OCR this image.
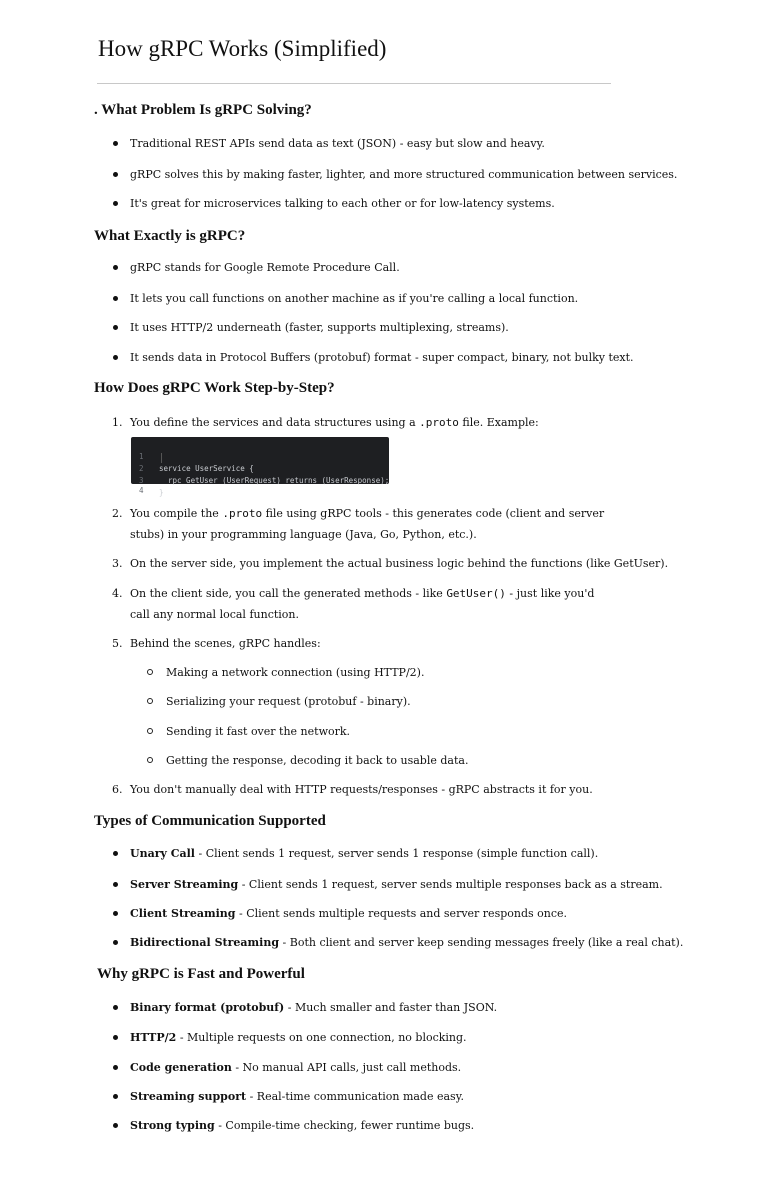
How gRPC Works (Simplified)
. What Problem Is gRPC Solving?
Traditional REST APIs send data as text (JSON) - easy but slow and heavy.
gRPC solves this by making faster, lighter, and more structured communication between services.
It's great for microservices talking to each other or for low-latency systems.
What Exactly is gRPC?
gRPC stands for Google Remote Procedure Call.
It lets you call functions on another machine as if you're calling a local function.
It uses HTTP/2 underneath (faster, supports multiplexing, streams).
It sends data in Protocol Buffers (protobuf) format - super compact, binary, not bulky text.
How Does gRPC Work Step-by-Step?
1. You define the services and data structures using a .proto file. Example:

1

service UserService {

2

rpc GetUser (UserRequest) returns (UserResponse);

3

}

4

2. You compile the .proto file using gRPC tools - this generates code (client and server stubs) in your programming language (Java, Go, Python, etc.).
3. On the server side, you implement the actual business logic behind the functions (like GetUser).
4. On the client side, you call the generated methods - like GetUser() - just like you'd call any normal local function.
5. Behind the scenes, gRPC handles:
Making a network connection (using HTTP/2).
Serializing your request (protobuf - binary).
Sending it fast over the network.
Getting the response, decoding it back to usable data.
6. You don't manually deal with HTTP requests/responses - gRPC abstracts it for you.
Types of Communication Supported
Unary Call - Client sends 1 request, server sends 1 response (simple function call).
Server Streaming - Client sends 1 request, server sends multiple responses back as a stream.
Client Streaming - Client sends multiple requests and server responds once.
Bidirectional Streaming - Both client and server keep sending messages freely (like a real chat).
Why gRPC is Fast and Powerful
Binary format (protobuf) - Much smaller and faster than JSON.
HTTP/2 - Multiple requests on one connection, no blocking.
Code generation - No manual API calls, just call methods.
Streaming support - Real-time communication made easy.
Strong typing - Compile-time checking, fewer runtime bugs.
